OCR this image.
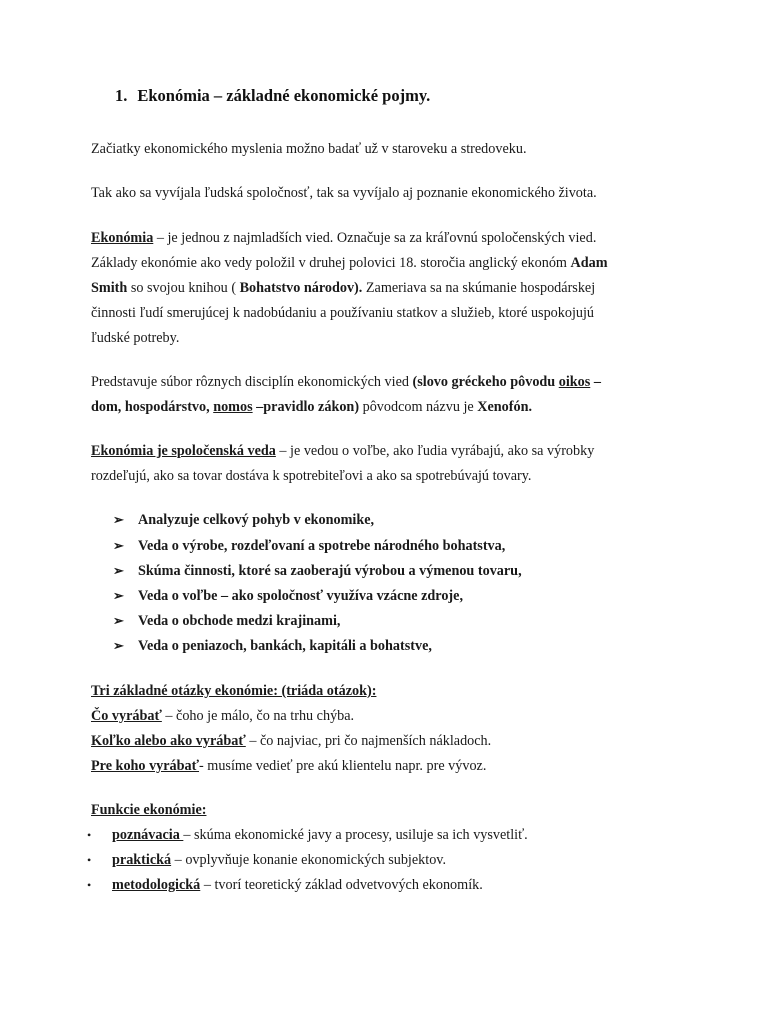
1. Ekonómia – základné ekonomické pojmy.
Začiatky ekonomického myslenia možno badať už v staroveku a stredoveku.
Tak ako sa vyvíjala ľudská spoločnosť, tak sa vyvíjalo aj poznanie ekonomického života.
Ekonómia – je jednou z najmladších vied. Označuje sa za kráľovnú spoločenských vied.
Základy ekonómie ako vedy položil v druhej polovici 18. storočia anglický ekonóm Adam
Smith so svojou knihou ( Bohatstvo národov). Zameriava sa na skúmanie hospodárskej
činnosti ľudí smerujúcej k nadobúdaniu a používaniu statkov a služieb, ktoré uspokojujú
ľudské potreby.
Predstavuje súbor rôznych disciplín ekonomických vied (slovo gréckeho pôvodu oikos –
dom, hospodárstvo, nomos –pravidlo zákon) pôvodcom názvu je Xenofón.
Ekonómia je spoločenská veda – je vedou o voľbe, ako ľudia vyrábajú, ako sa výrobky
rozdeľujú, ako sa tovar dostáva k spotrebiteľovi a ako sa spotrebúvajú tovary.
➢ Analyzuje celkový pohyb v ekonomike,
➢ Veda o výrobe, rozdeľovaní a spotrebe národného bohatstva,
➢ Skúma činnosti, ktoré sa zaoberajú výrobou a výmenou tovaru,
➢ Veda o voľbe – ako spoločnosť využíva vzácne zdroje,
➢ Veda o obchode medzi krajinami,
➢ Veda o peniazoch, bankách, kapitáli a bohatstve,
Tri základné otázky ekonómie: (triáda otázok):
Čo vyrábať – čoho je málo, čo na trhu chýba.
Koľko alebo ako vyrábať – čo najviac, pri čo najmenších nákladoch.
Pre koho vyrábať- musíme vedieť pre akú klientelu napr. pre vývoz.
Funkcie ekonómie:
• poznávacia – skúma ekonomické javy a procesy, usiluje sa ich vysvetliť.
• praktická – ovplyvňuje konanie ekonomických subjektov.
• metodologická – tvorí teoretický základ odvetvových ekonomík.
